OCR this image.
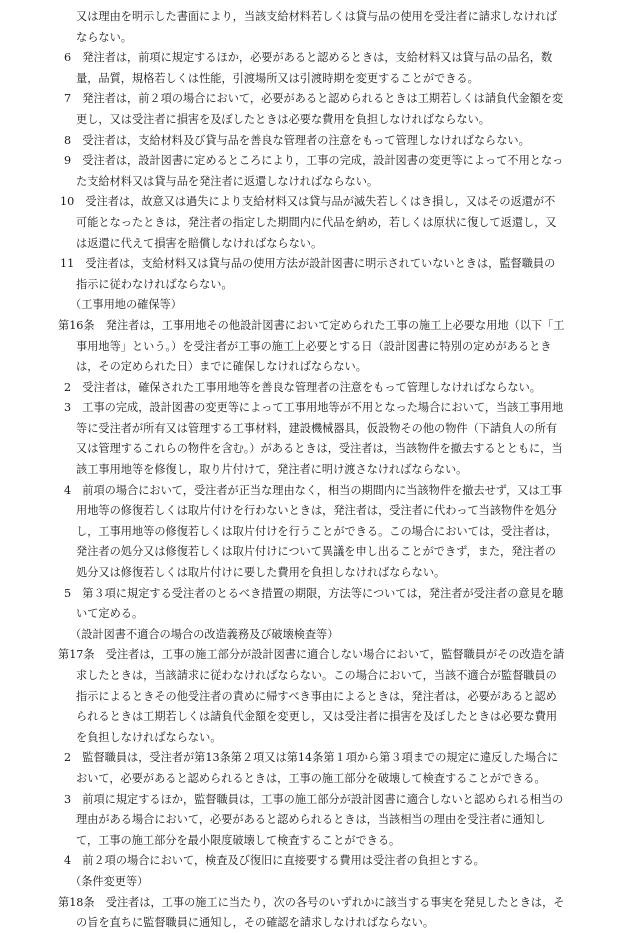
又は理由を明示した書面により，当該支給材料若しくは貸与品の使用を受注者に請求しなければならない。

6　発注者は，前項に規定するほか，必要があると認めるときは，支給材料又は貸与品の品名，数量，品質，規格若しくは性能，引渡場所又は引渡時期を変更することができる。

7　発注者は，前２項の場合において，必要があると認められるときは工期若しくは請負代金額を変更し，又は受注者に損害を及ぼしたときは必要な費用を負担しなければならない。

8　受注者は，支給材料及び貸与品を善良な管理者の注意をもって管理しなければならない。

9　受注者は，設計図書に定めるところにより，工事の完成，設計図書の変更等によって不用となった支給材料又は貸与品を発注者に返還しなければならない。

10　受注者は，故意又は過失により支給材料又は貸与品が滅失若しくはき損し，又はその返還が不可能となったときは，発注者の指定した期間内に代品を納め，若しくは原状に復して返還し，又は返還に代えて損害を賠償しなければならない。

11　受注者は，支給材料又は貸与品の使用方法が設計図書に明示されていないときは，監督職員の指示に従わなければならない。

（工事用地の確保等）

第16条　発注者は，工事用地その他設計図書において定められた工事の施工上必要な用地（以下「工事用地等」という。）を受注者が工事の施工上必要とする日（設計図書に特別の定めがあるときは，その定められた日）までに確保しなければならない。

2　受注者は，確保された工事用地等を善良な管理者の注意をもって管理しなければならない。

3　工事の完成，設計図書の変更等によって工事用地等が不用となった場合において，当該工事用地等に受注者が所有又は管理する工事材料，建設機械器具，仮設物その他の物件（下請負人の所有又は管理するこれらの物件を含む。）があるときは，受注者は，当該物件を撤去するとともに，当該工事用地等を修復し，取り片付けて，発注者に明け渡さなければならない。

4　前項の場合において，受注者が正当な理由なく，相当の期間内に当該物件を撤去せず，又は工事用地等の修復若しくは取片付けを行わないときは，発注者は，受注者に代わって当該物件を処分し，工事用地等の修復若しくは取片付けを行うことができる。この場合においては，受注者は，発注者の処分又は修復若しくは取片付けについて異議を申し出ることができず，また，発注者の処分又は修復若しくは取片付けに要した費用を負担しなければならない。

5　第３項に規定する受注者のとるべき措置の期限，方法等については，発注者が受注者の意見を聴いて定める。

（設計図書不適合の場合の改造義務及び破壊検査等）

第17条　受注者は，工事の施工部分が設計図書に適合しない場合において，監督職員がその改造を請求したときは，当該請求に従わなければならない。この場合において，当該不適合が監督職員の指示によるときその他受注者の責めに帰すべき事由によるときは，発注者は，必要があると認められるときは工期若しくは請負代金額を変更し，又は受注者に損害を及ぼしたときは必要な費用を負担しなければならない。

2　監督職員は，受注者が第13条第２項又は第14条第１項から第３項までの規定に違反した場合において，必要があると認められるときは，工事の施工部分を破壊して検査することができる。

3　前項に規定するほか，監督職員は，工事の施工部分が設計図書に適合しないと認められる相当の理由がある場合において，必要があると認められるときは，当該相当の理由を受注者に通知して，工事の施工部分を最小限度破壊して検査することができる。

4　前２項の場合において，検査及び復旧に直接要する費用は受注者の負担とする。

（条件変更等）

第18条　受注者は，工事の施工に当たり，次の各号のいずれかに該当する事実を発見したときは，その旨を直ちに監督職員に通知し，その確認を請求しなければならない。
